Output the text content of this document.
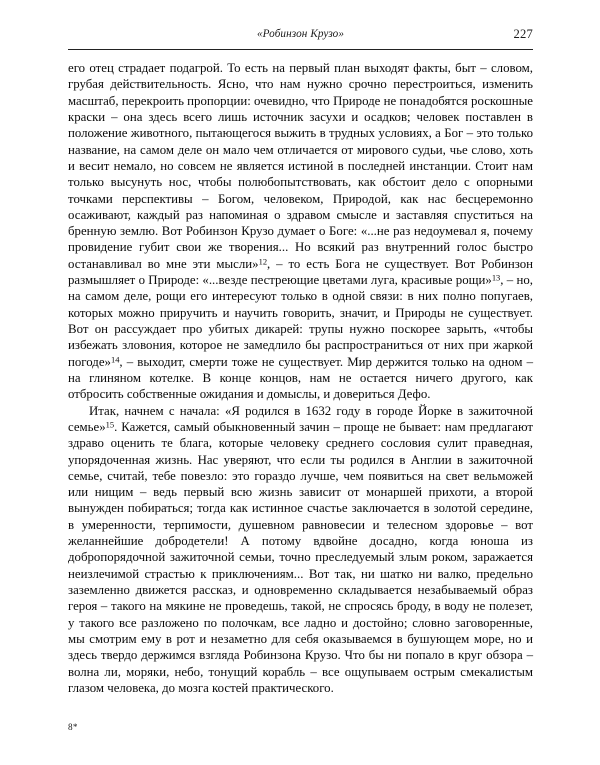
«Робинзон Крузо»	227

его отец страдает подагрой. То есть на первый план выходят факты, быт – словом, грубая действительность. Ясно, что нам нужно срочно перестроиться, изменить масштаб, перекроить пропорции: очевидно, что Природе не понадобятся роскошные краски – она здесь всего лишь источник засухи и осадков; человек поставлен в положение животного, пытающегося выжить в трудных условиях, а Бог – это только название, на самом деле он мало чем отличается от мирового судьи, чье слово, хоть и весит немало, но совсем не является истиной в последней инстанции. Стоит нам только высунуть нос, чтобы полюбопытствовать, как обстоит дело с опорными точками перспективы – Богом, человеком, Природой, как нас бесцеремонно осаживают, каждый раз напоминая о здравом смысле и заставляя спуститься на бренную землю. Вот Робинзон Крузо думает о Боге: «...не раз недоумевал я, почему провидение губит свои же творения... Но всякий раз внутренний голос быстро останавливал во мне эти мысли»$^{12}$, – то есть Бога не существует. Вот Робинзон размышляет о Природе: «...везде пестреющие цветами луга, красивые рощи»$^{13}$, – но, на самом деле, рощи его интересуют только в одной связи: в них полно попугаев, которых можно приручить и научить говорить, значит, и Природы не существует. Вот он рассуждает про убитых дикарей: трупы нужно поскорее зарыть, «чтобы избежать зловония, которое не замедлило бы распространиться от них при жаркой погоде»$^{14}$, – выходит, смерти тоже не существует. Мир держится только на одном – на глиняном котелке. В конце концов, нам не остается ничего другого, как отбросить собственные ожидания и домыслы, и довериться Дефо.

Итак, начнем с начала: «Я родился в 1632 году в городе Йорке в зажиточной семье»$^{15}$. Кажется, самый обыкновенный зачин – проще не бывает: нам предлагают здраво оценить те блага, которые человеку среднего сословия сулит праведная, упорядоченная жизнь. Нас уверяют, что если ты родился в Англии в зажиточной семье, считай, тебе повезло: это гораздо лучше, чем появиться на свет вельможей или нищим – ведь первый всю жизнь зависит от монаршей прихоти, а второй вынужден побираться; тогда как истинное счастье заключается в золотой середине, в умеренности, терпимости, душевном равновесии и телесном здоровье – вот желаннейшие добродетели! А потому вдвойне досадно, когда юноша из добропорядочной зажиточной семьи, точно преследуемый злым роком, заражается неизлечимой страстью к приключениям... Вот так, ни шатко ни валко, предельно заземленно движется рассказ, и одновременно складывается незабываемый образ героя – такого на мякине не проведешь, такой, не спросясь броду, в воду не полезет, у такого все разложено по полочкам, все ладно и достойно; словно заговоренные, мы смотрим ему в рот и незаметно для себя оказываемся в бушующем море, но и здесь твердо держимся взгляда Робинзона Крузо. Что бы ни попало в круг обзора – волна ли, моряки, небо, тонущий корабль – все ощупываем острым смекалистым глазом человека, до мозга костей практического.

8*
